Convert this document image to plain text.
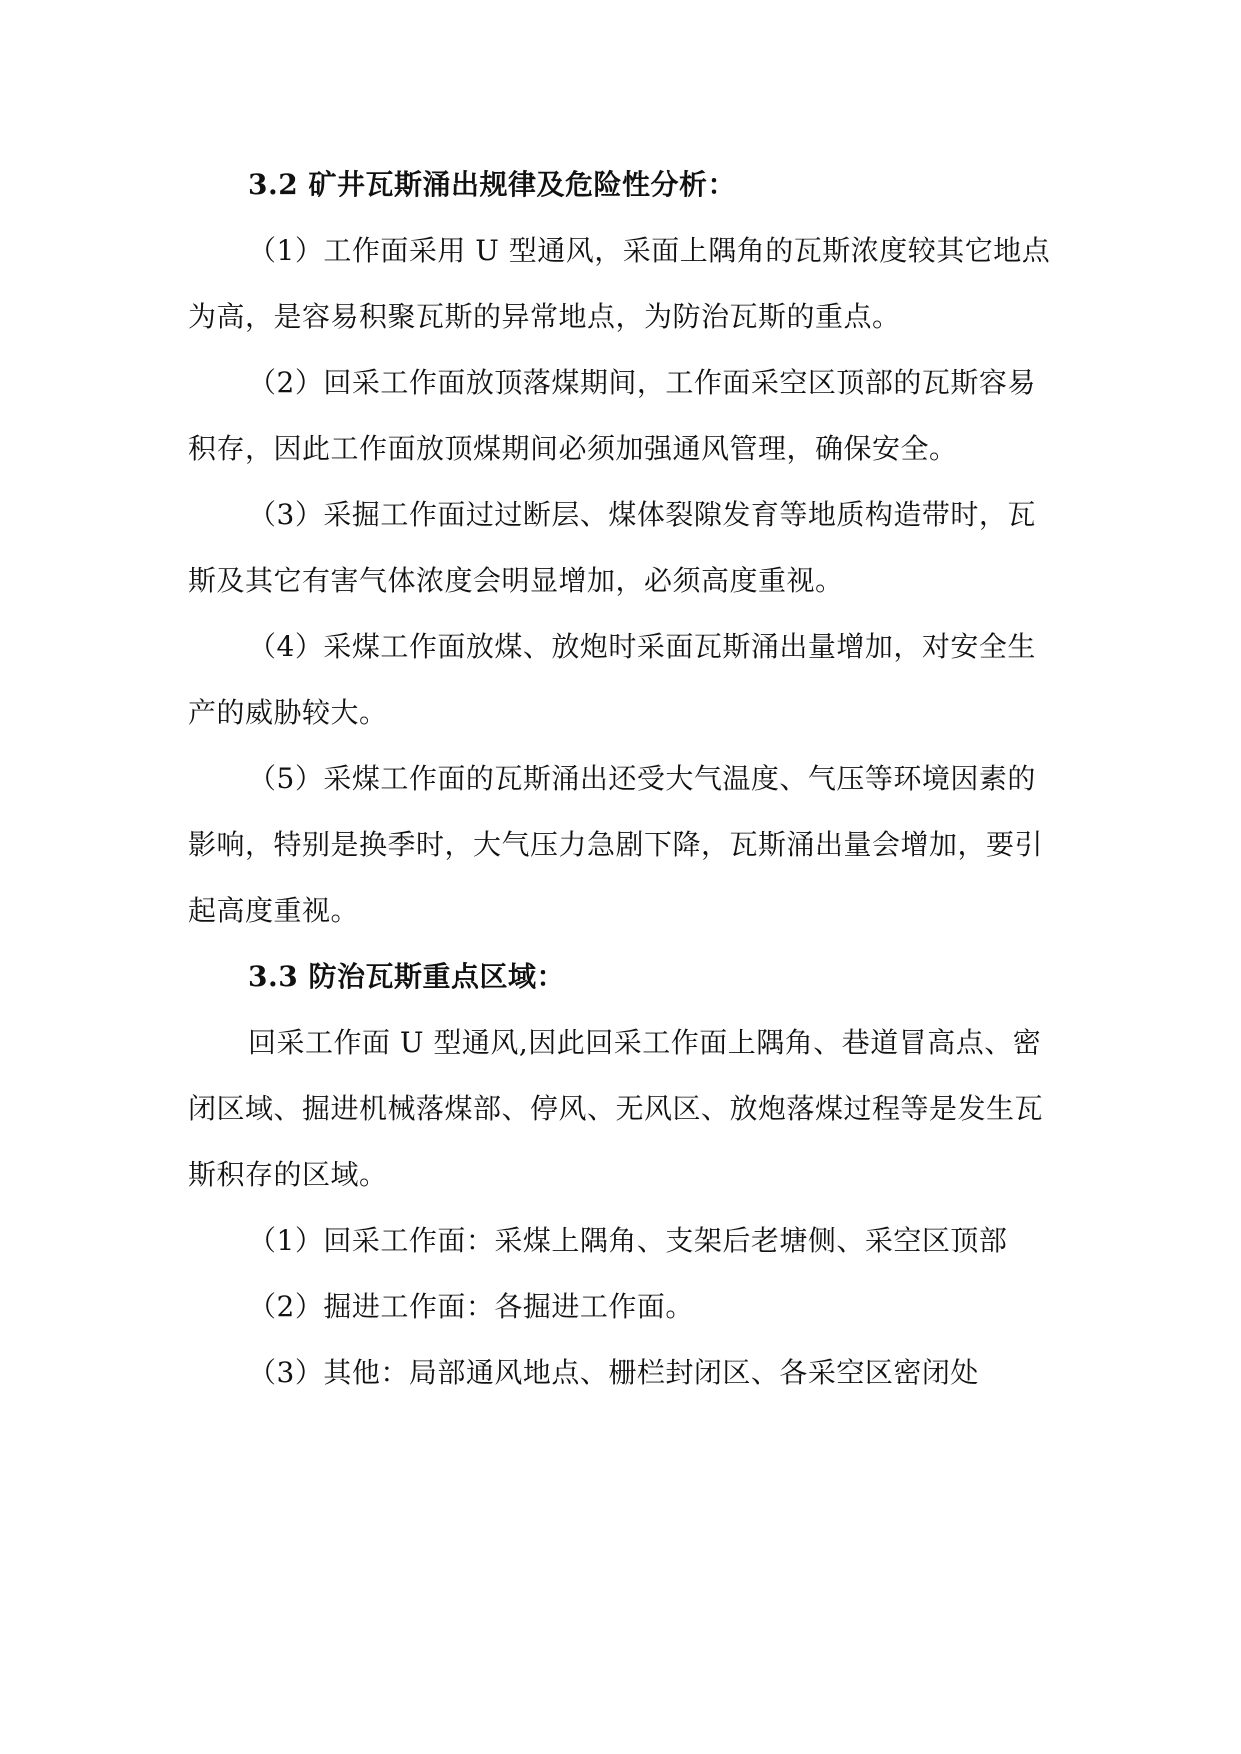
3.2 矿井瓦斯涌出规律及危险性分析：
（1）工作面采用 U 型通风，采面上隅角的瓦斯浓度较其它地点
为高，是容易积聚瓦斯的异常地点，为防治瓦斯的重点。
（2）回采工作面放顶落煤期间，工作面采空区顶部的瓦斯容易
积存，因此工作面放顶煤期间必须加强通风管理，确保安全。
（3）采掘工作面过过断层、煤体裂隙发育等地质构造带时，瓦
斯及其它有害气体浓度会明显增加，必须高度重视。
（4）采煤工作面放煤、放炮时采面瓦斯涌出量增加，对安全生
产的威胁较大。
（5）采煤工作面的瓦斯涌出还受大气温度、气压等环境因素的
影响，特别是换季时，大气压力急剧下降，瓦斯涌出量会增加，要引
起高度重视。
3.3 防治瓦斯重点区域：
回采工作面 U 型通风,因此回采工作面上隅角、巷道冒高点、密
闭区域、掘进机械落煤部、停风、无风区、放炮落煤过程等是发生瓦
斯积存的区域。
（1）回采工作面：采煤上隅角、支架后老塘侧、采空区顶部
（2）掘进工作面：各掘进工作面。
（3）其他：局部通风地点、栅栏封闭区、各采空区密闭处
